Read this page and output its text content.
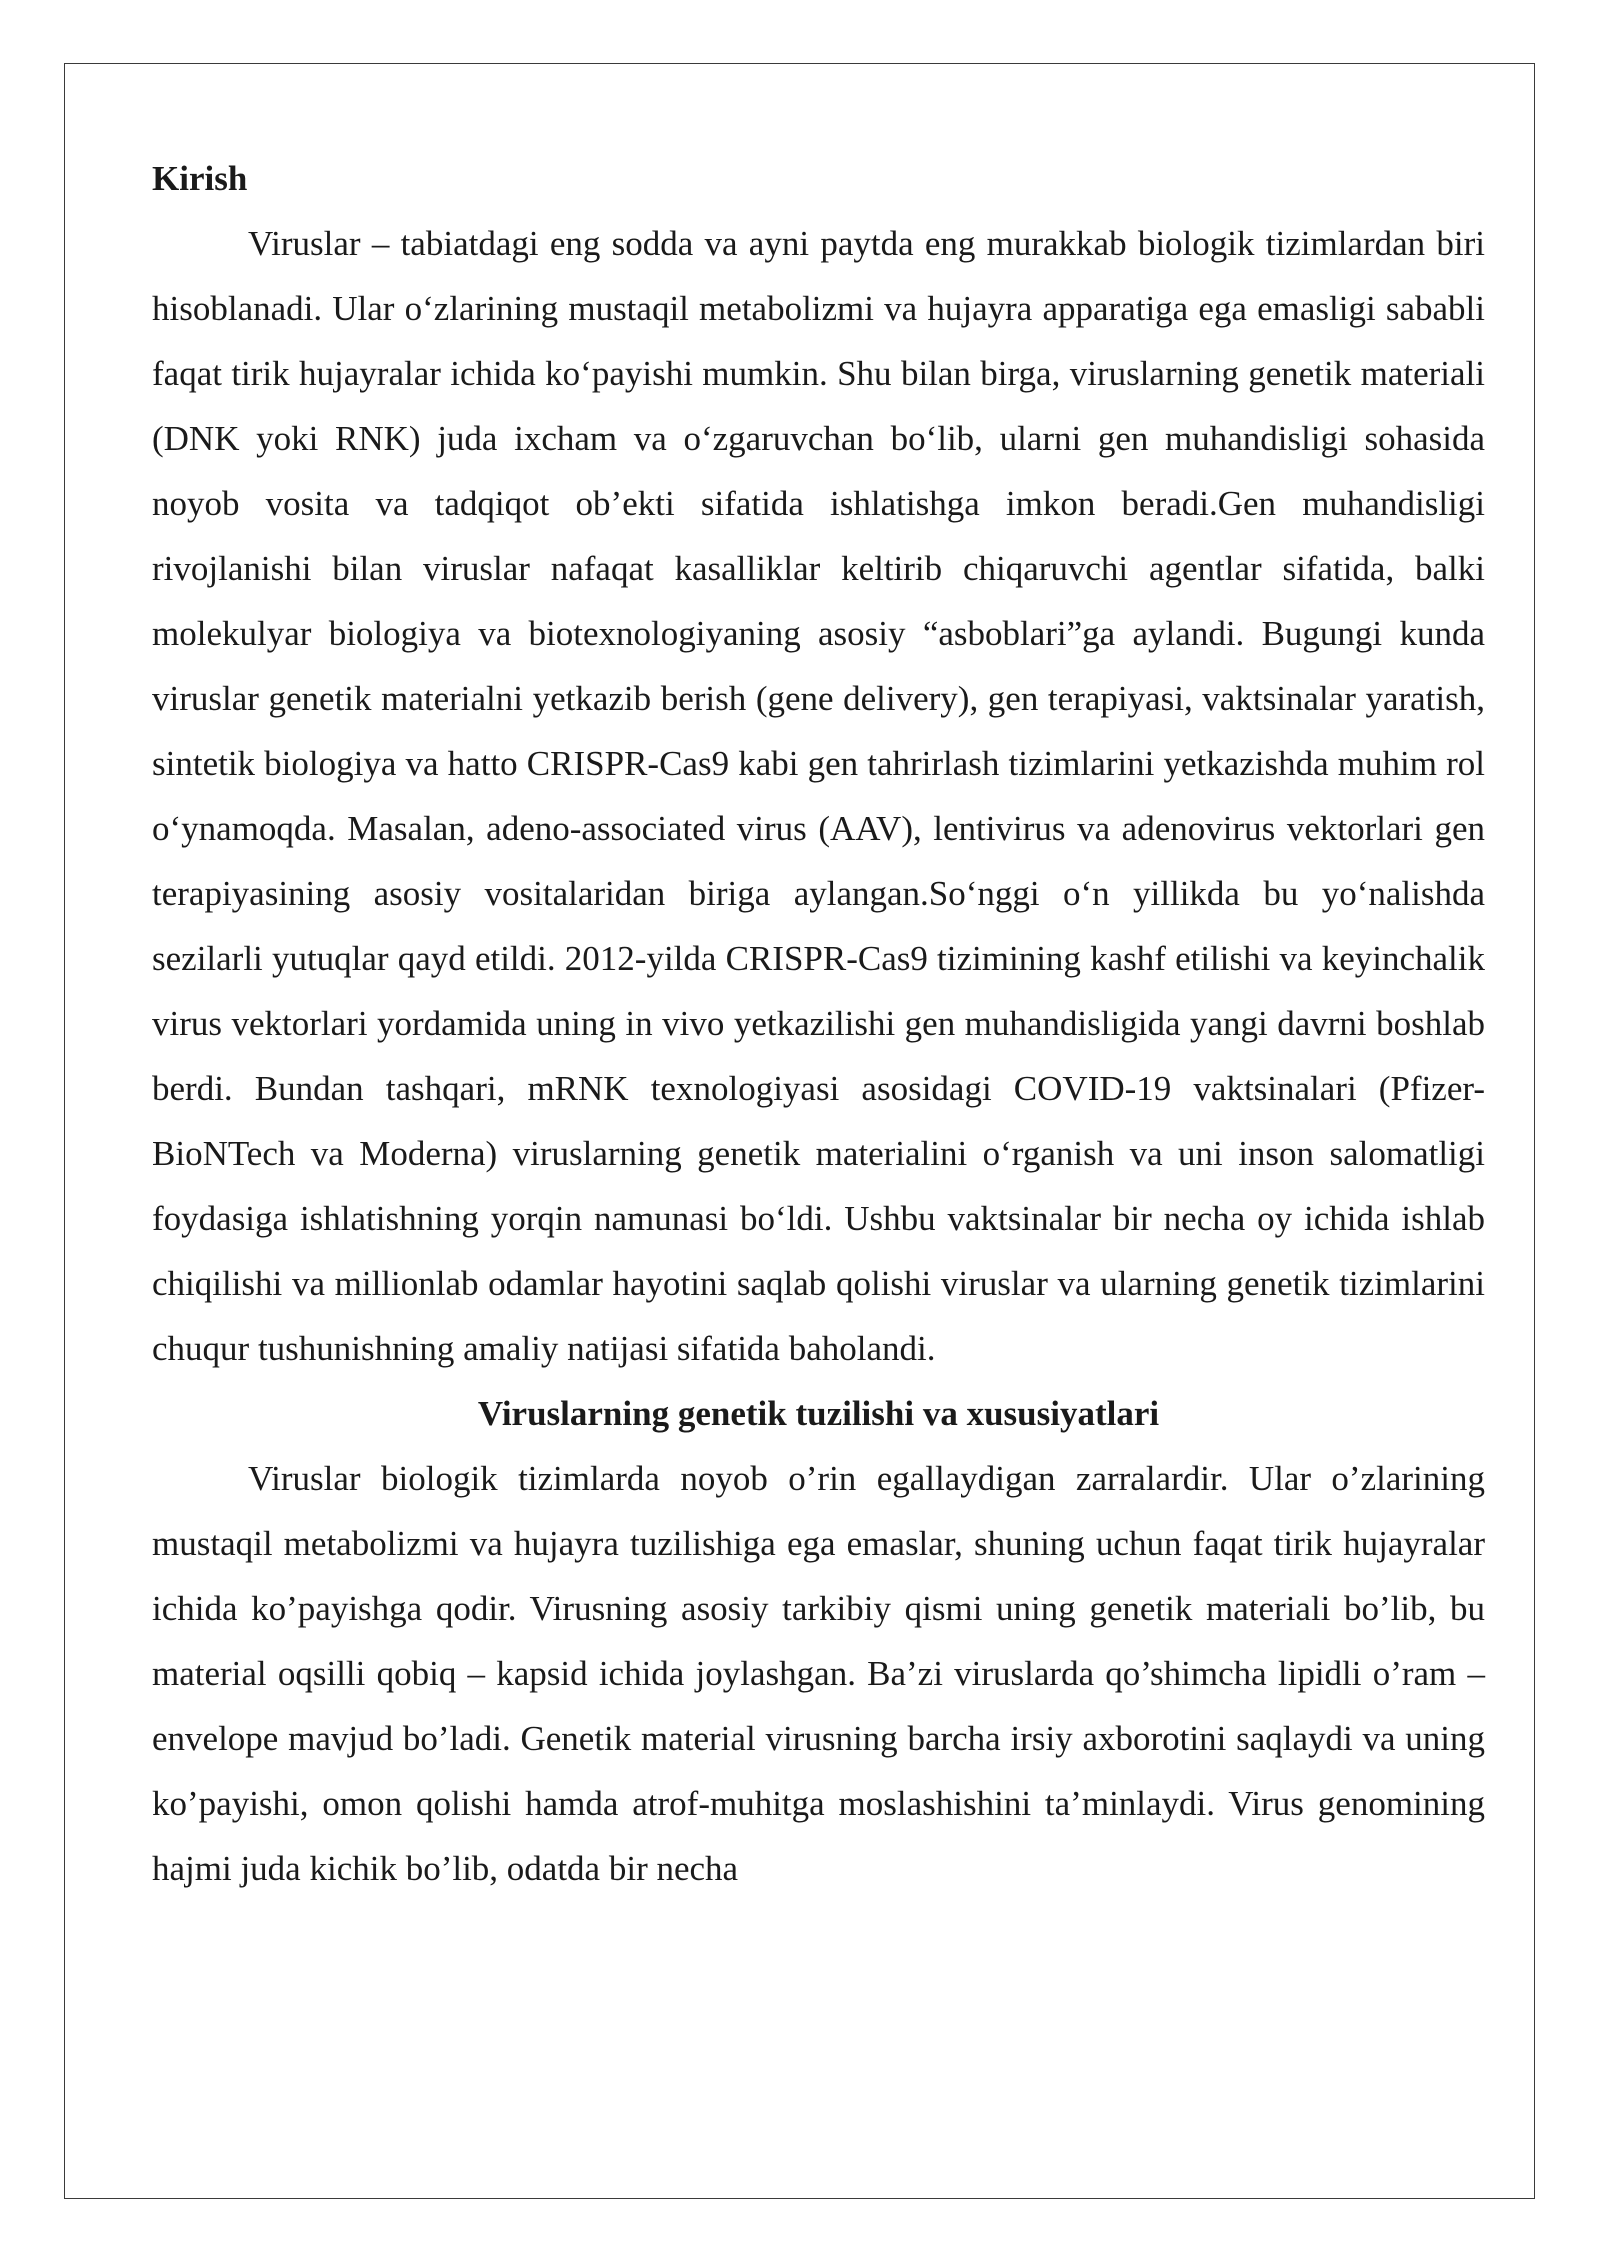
Kirish

Viruslar – tabiatdagi eng sodda va ayni paytda eng murakkab biologik tizimlardan biri hisoblanadi. Ular o‘zlarining mustaqil metabolizmi va hujayra apparatiga ega emasligi sababli faqat tirik hujayralar ichida ko‘payishi mumkin. Shu bilan birga, viruslarning genetik materiali (DNK yoki RNK) juda ixcham va o‘zgaruvchan bo‘lib, ularni gen muhandisligi sohasida noyob vosita va tadqiqot ob’ekti sifatida ishlatishga imkon beradi.Gen muhandisligi rivojlanishi bilan viruslar nafaqat kasalliklar keltirib chiqaruvchi agentlar sifatida, balki molekulyar biologiya va biotexnologiyaning asosiy “asboblari”ga aylandi. Bugungi kunda viruslar genetik materialni yetkazib berish (gene delivery), gen terapiyasi, vaktsinalar yaratish, sintetik biologiya va hatto CRISPR-Cas9 kabi gen tahrirlash tizimlarini yetkazishda muhim rol o‘ynamoqda. Masalan, adeno-associated virus (AAV), lentivirus va adenovirus vektorlari gen terapiyasining asosiy vositalaridan biriga aylangan.So‘nggi o‘n yillikda bu yo‘nalishda sezilarli yutuqlar qayd etildi. 2012-yilda CRISPR-Cas9 tizimining kashf etilishi va keyinchalik virus vektorlari yordamida uning in vivo yetkazilishi gen muhandisligida yangi davrni boshlab berdi. Bundan tashqari, mRNK texnologiyasi asosidagi COVID-19 vaktsinalari (Pfizer-BioNTech va Moderna) viruslarning genetik materialini o‘rganish va uni inson salomatligi foydasiga ishlatishning yorqin namunasi bo‘ldi. Ushbu vaktsinalar bir necha oy ichida ishlab chiqilishi va millionlab odamlar hayotini saqlab qolishi viruslar va ularning genetik tizimlarini chuqur tushunishning amaliy natijasi sifatida baholandi.

Viruslarning genetik tuzilishi va xususiyatlari

Viruslar biologik tizimlarda noyob o’rin egallaydigan zarralardir. Ular o’zlarining mustaqil metabolizmi va hujayra tuzilishiga ega emaslar, shuning uchun faqat tirik hujayralar ichida ko’payishga qodir. Virusning asosiy tarkibiy qismi uning genetik materiali bo’lib, bu material oqsilli qobiq – kapsid ichida joylashgan. Ba’zi viruslarda qo’shimcha lipidli o’ram – envelope mavjud bo’ladi. Genetik material virusning barcha irsiy axborotini saqlaydi va uning ko’payishi, omon qolishi hamda atrof-muhitga moslashishini ta’minlaydi. Virus genomining hajmi juda kichik bo’lib, odatda bir necha
